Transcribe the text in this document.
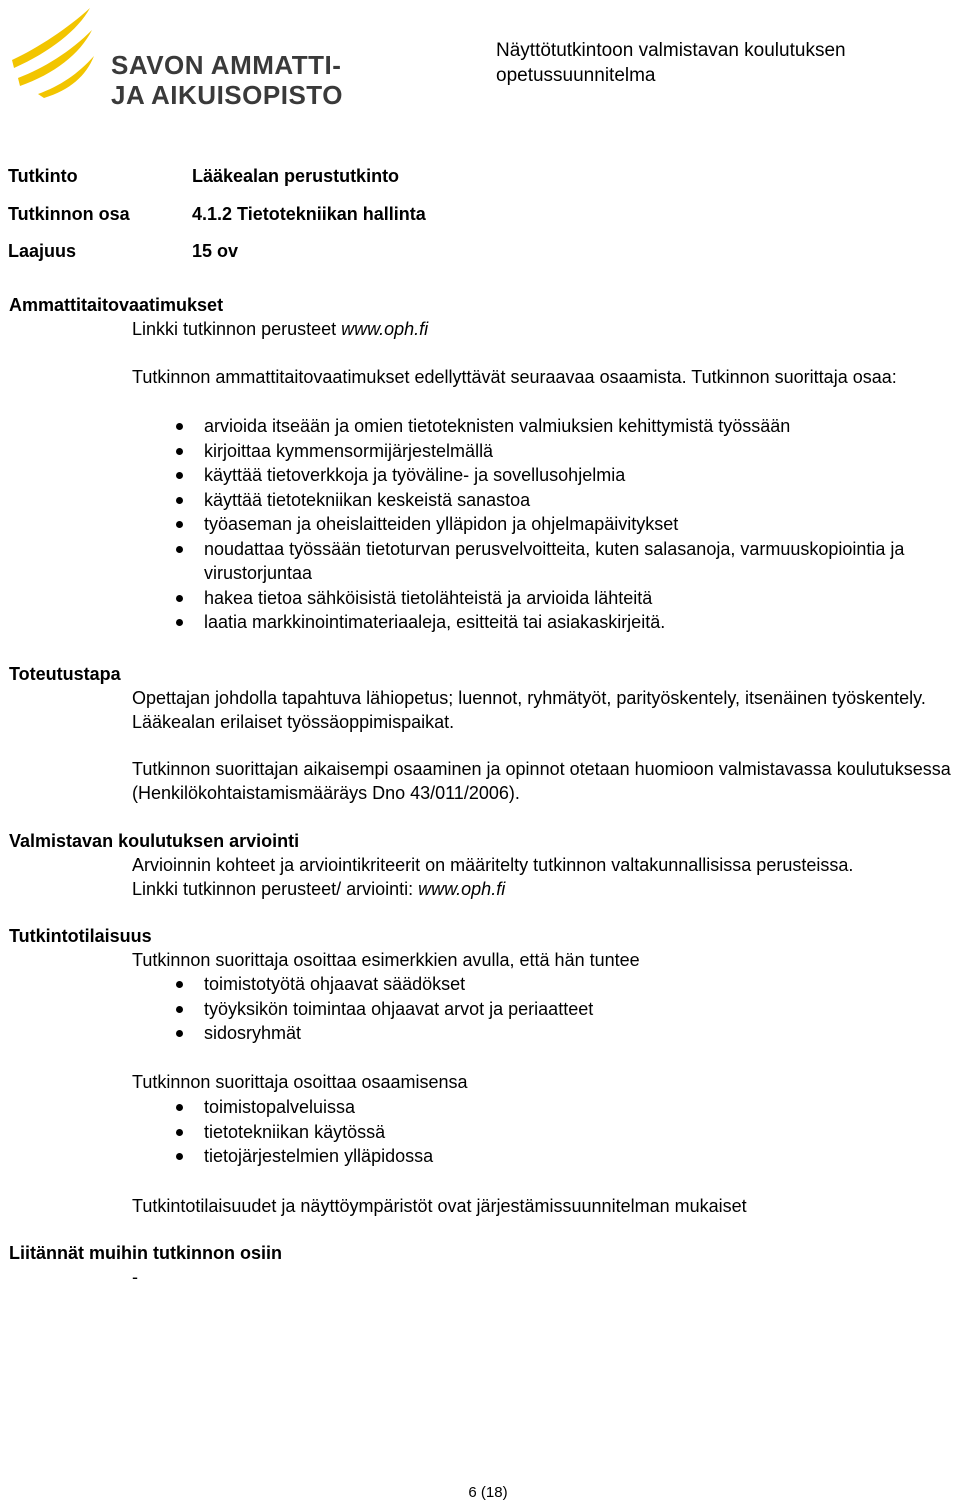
SAVON AMMATTI-
JA AIKUISOPISTO
Näyttötutkintoon valmistavan koulutuksen opetussuunnitelma
Tutkinto	Lääkealan perustutkinto
Tutkinnon osa	4.1.2 Tietotekniikan hallinta
Laajuus	15 ov
Ammattitaitovaatimukset
Linkki tutkinnon perusteet www.oph.fi
Tutkinnon ammattitaitovaatimukset edellyttävät seuraavaa osaamista. Tutkinnon suorittaja osaa:
arvioida itseään ja omien tietoteknisten valmiuksien kehittymistä työssään
kirjoittaa kymmensormijärjestelmällä
käyttää tietoverkkoja ja työväline- ja sovellusohjelmia
käyttää tietotekniikan keskeistä sanastoa
työaseman ja oheislaitteiden ylläpidon ja ohjelmapäivitykset
noudattaa työssään tietoturvan perusvelvoitteita, kuten salasanoja, varmuuskopiointia ja virustorjuntaa
hakea tietoa sähköisistä tietolähteistä ja arvioida lähteitä
laatia markkinointimateriaaleja, esitteitä tai asiakaskirjeitä.
Toteutustapa
Opettajan johdolla tapahtuva lähiopetus; luennot, ryhmätyöt, parityöskentely, itsenäinen työskentely. Lääkealan erilaiset työssäoppimispaikat.
Tutkinnon suorittajan aikaisempi osaaminen ja opinnot otetaan huomioon valmistavassa koulutuksessa (Henkilökohtaistamismääräys Dno 43/011/2006).
Valmistavan koulutuksen arviointi
Arvioinnin kohteet ja arviointikriteerit on määritelty tutkinnon valtakunnallisissa perusteissa.
Linkki tutkinnon perusteet/ arviointi: www.oph.fi
Tutkintotilaisuus
Tutkinnon suorittaja osoittaa esimerkkien avulla, että hän tuntee
toimistotyötä ohjaavat säädökset
työyksikön toimintaa ohjaavat arvot ja periaatteet
sidosryhmät
Tutkinnon suorittaja osoittaa osaamisensa
toimistopalveluissa
tietotekniikan käytössä
tietojärjestelmien ylläpidossa
Tutkintotilaisuudet ja näyttöympäristöt ovat järjestämissuunnitelman mukaiset
Liitännät muihin tutkinnon osiin
-
6 (18)
